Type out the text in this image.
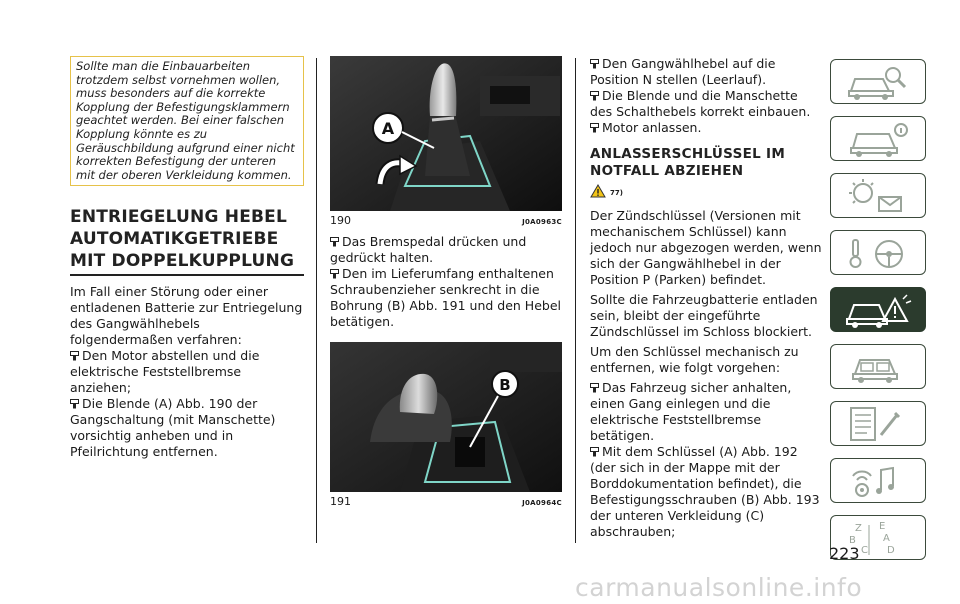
Sollte man die Einbauarbeiten trotzdem selbst vornehmen wollen, muss besonders auf die korrekte Kopplung der Befestigungsklammern geachtet werden. Bei einer falschen Kopplung könnte es zu Geräuschbildung aufgrund einer nicht korrekten Befestigung der unteren mit der oberen Verkleidung kommen.
ENTRIEGELUNG HEBEL AUTOMATIKGETRIEBE MIT DOPPELKUPPLUNG
Im Fall einer Störung oder einer entladenen Batterie zur Entriegelung des Gangwählhebels folgendermaßen verfahren:
Den Motor abstellen und die elektrische Feststellbremse anziehen;
Die Blende (A) Abb. 190 der Gangschaltung (mit Manschette) vorsichtig anheben und in Pfeilrichtung entfernen.
A
190	J0A0963C
Das Bremspedal drücken und gedrückt halten.
Den im Lieferumfang enthaltenen Schraubenzieher senkrecht in die Bohrung (B) Abb. 191 und den Hebel betätigen.
B
191	J0A0964C
Den Gangwählhebel auf die Position N stellen (Leerlauf).
Die Blende und die Manschette des Schalthebels korrekt einbauen.
Motor anlassen.
ANLASSERSCHLÜSSEL IM NOTFALL ABZIEHEN
77)
Der Zündschlüssel (Versionen mit mechanischem Schlüssel) kann jedoch nur abgezogen werden, wenn sich der Gangwählhebel in der Position P (Parken) befindet.
Sollte die Fahrzeugbatterie entladen sein, bleibt der eingeführte Zündschlüssel im Schloss blockiert.
Um den Schlüssel mechanisch zu entfernen, wie folgt vorgehen:
Das Fahrzeug sicher anhalten, einen Gang einlegen und die elektrische Feststellbremse betätigen.
Mit dem Schlüssel (A) Abb. 192 (der sich in der Mappe mit der Borddokumentation befindet), die Befestigungsschrauben (B) Abb. 193 der unteren Verkleidung (C) abschrauben;	Z E
B	A
C D
223
carmanualsonline.info
